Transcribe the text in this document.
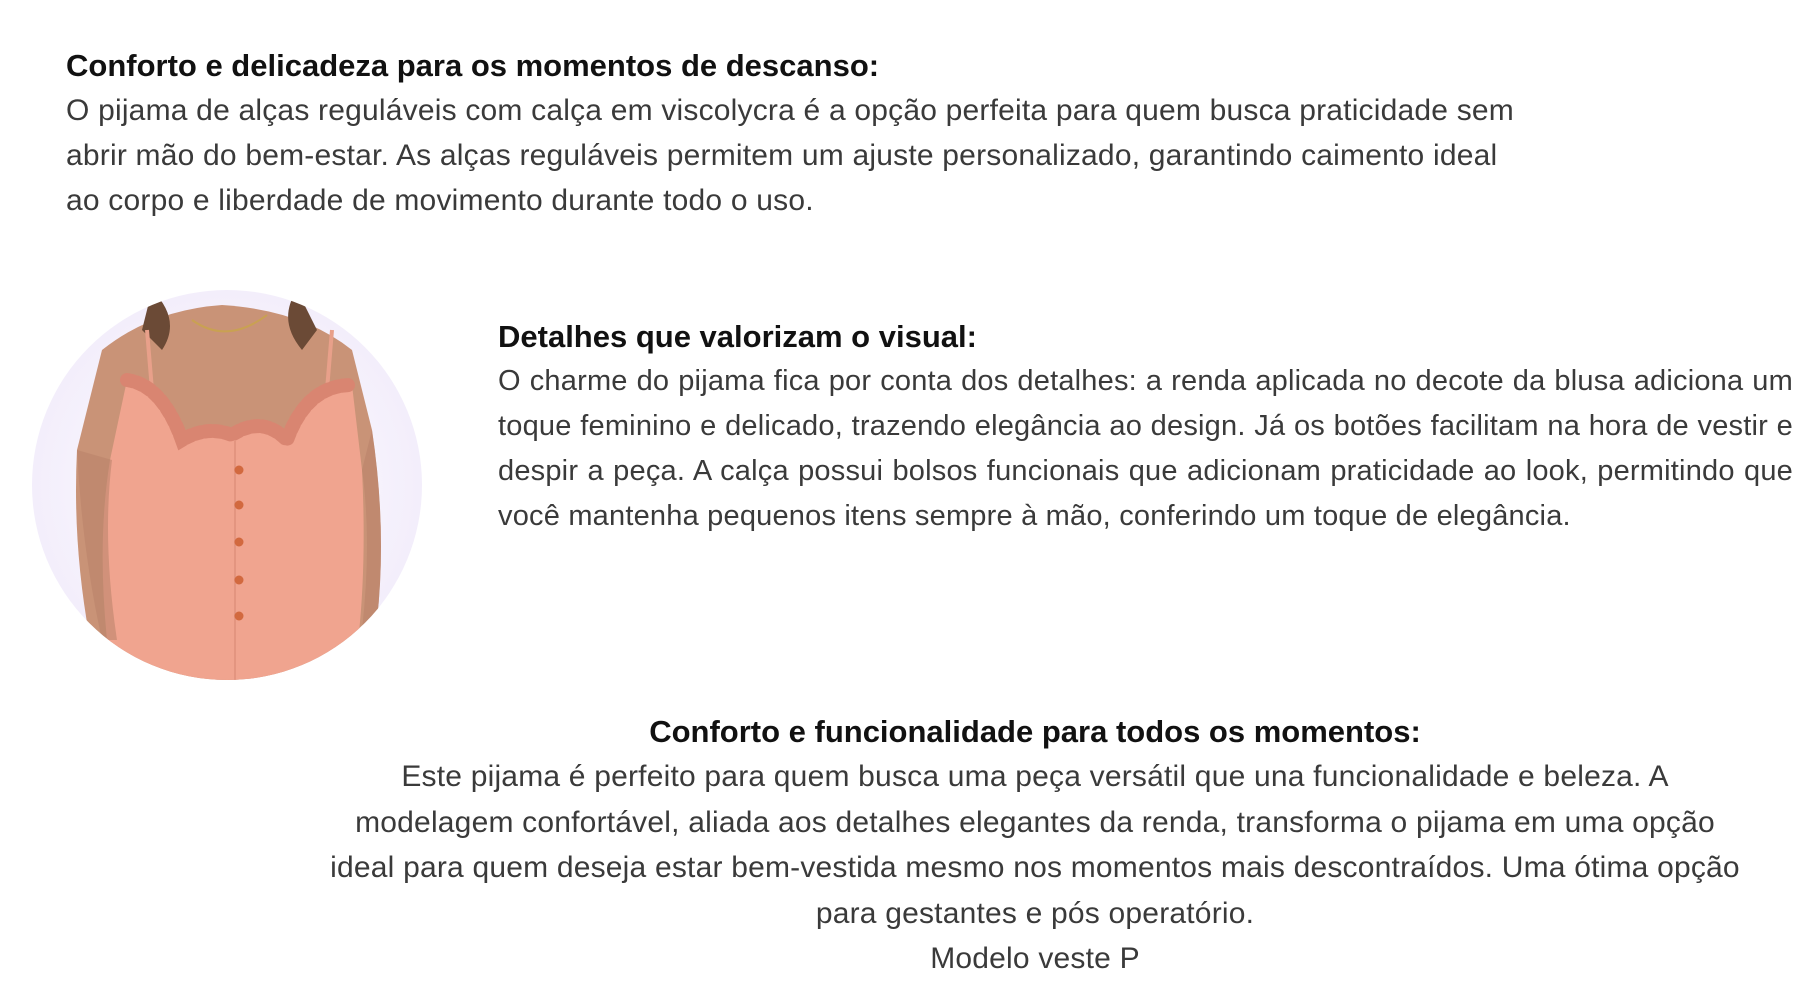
Conforto e delicadeza para os momentos de descanso:

O pijama de alças reguláveis com calça em viscolycra é a opção perfeita para quem busca praticidade sem
abrir mão do bem-estar. As alças reguláveis permitem um ajuste personalizado, garantindo caimento ideal
ao corpo e liberdade de movimento durante todo o uso.

Detalhes que valorizam o visual:

O charme do pijama fica por conta dos detalhes: a renda aplicada no decote da blusa adiciona um toque feminino e delicado, trazendo elegância ao design. Já os botões facilitam na hora de vestir e despir a peça. A calça possui bolsos funcionais que adicionam praticidade ao look, permitindo que você mantenha pequenos itens sempre à mão, conferindo um toque de elegância.

Conforto e funcionalidade para todos os momentos:

Este pijama é perfeito para quem busca uma peça versátil que una funcionalidade e beleza. A
modelagem confortável, aliada aos detalhes elegantes da renda, transforma o pijama em uma opção
ideal para quem deseja estar bem-vestida mesmo nos momentos mais descontraídos. Uma ótima opção
para gestantes e pós operatório.
Modelo veste P
